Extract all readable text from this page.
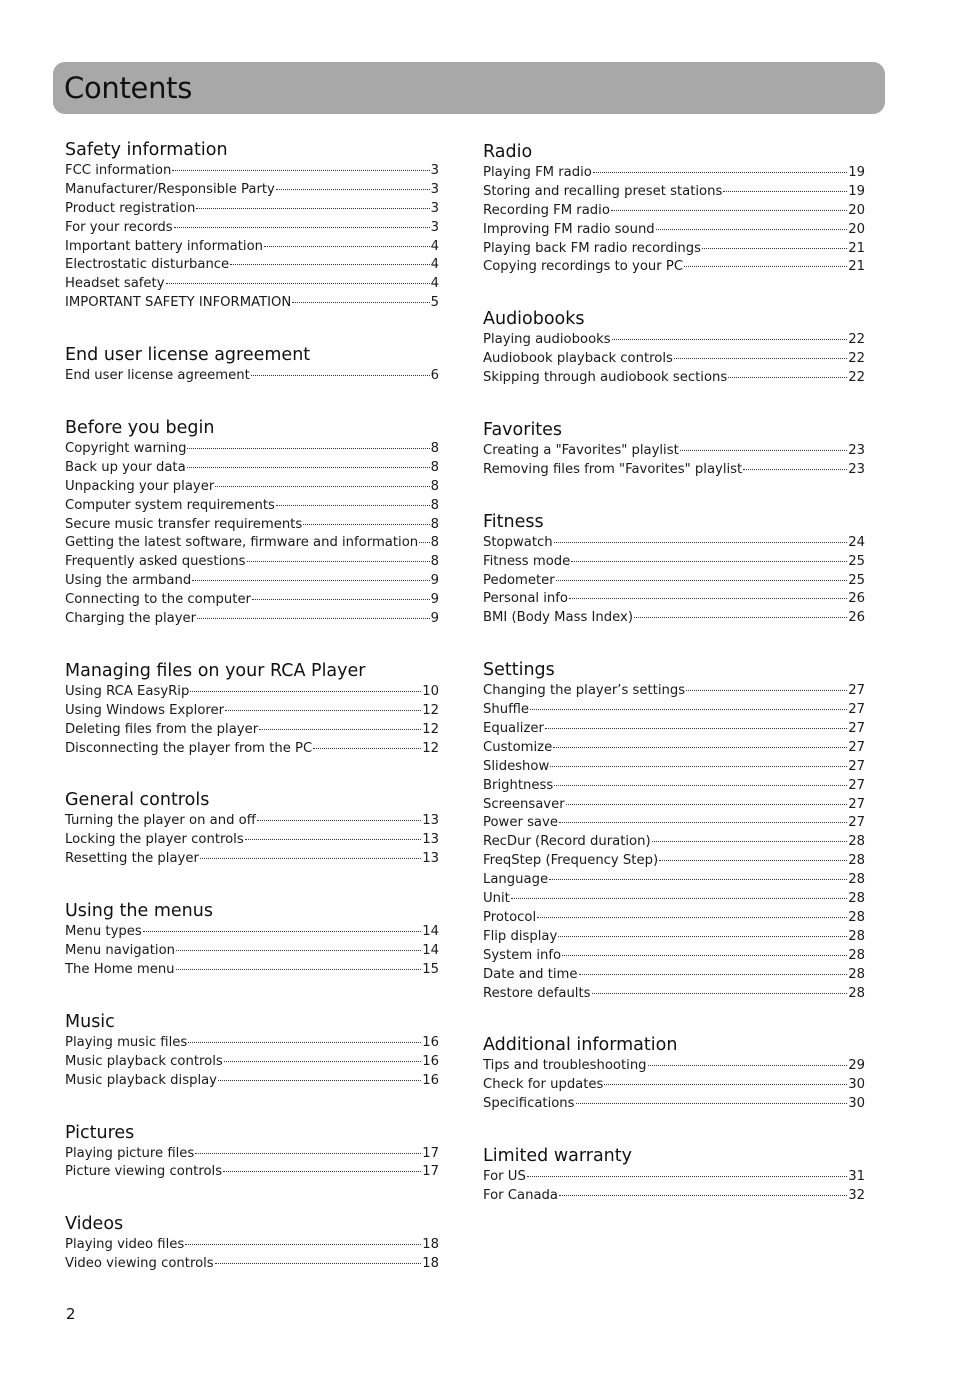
Contents
Safety information
FCC information	3
Manufacturer/Responsible Party	3
Product registration	3
For your records	3
Important battery information	4
Electrostatic disturbance	4
Headset safety	4
IMPORTANT SAFETY INFORMATION	5
End user license agreement
End user license agreement	6
Before you begin
Copyright warning	8
Back up your data	8
Unpacking your player	8
Computer system requirements	8
Secure music transfer requirements	8
Getting the latest software, firmware and information 8
Frequently asked questions	8
Using the armband	9
Connecting to the computer	9
Charging the player	9
Managing files on your RCA Player
Using RCA EasyRip	10
Using Windows Explorer	12
Deleting files from the player	12
Disconnecting the player from the PC	12
General controls
Turning the player on and off	13
Locking the player controls	13
Resetting the player	13
Using the menus
Menu types	14
Menu navigation	14
The Home menu	15
Music
Playing music files	16
Music playback controls	16
Music playback display	16
Pictures
Playing picture files	17
Picture viewing controls	17
Videos
Playing video files	18
Video viewing controls	18
Radio
Playing FM radio	19
Storing and recalling preset stations	19
Recording FM radio	20
Improving FM radio sound	20
Playing back FM radio recordings	21
Copying recordings to your PC	21
Audiobooks
Playing audiobooks	22
Audiobook playback controls	22
Skipping through audiobook sections	22
Favorites
Creating a "Favorites" playlist	23
Removing files from "Favorites" playlist	23
Fitness
Stopwatch	24
Fitness mode	25
Pedometer	25
Personal info	26
BMI (Body Mass Index)	26
Settings
Changing the player’s settings	27
Shuffle	27
Equalizer	27
Customize	27
Slideshow	27
Brightness	27
Screensaver	27
Power save	27
RecDur (Record duration)	28
FreqStep (Frequency Step)	28
Language	28
Unit	28
Protocol	28
Flip display	28
System info	28
Date and time	28
Restore defaults	28
Additional information
Tips and troubleshooting	29
Check for updates	30
Specifications	30
Limited warranty
For US	31
For Canada	32
2
